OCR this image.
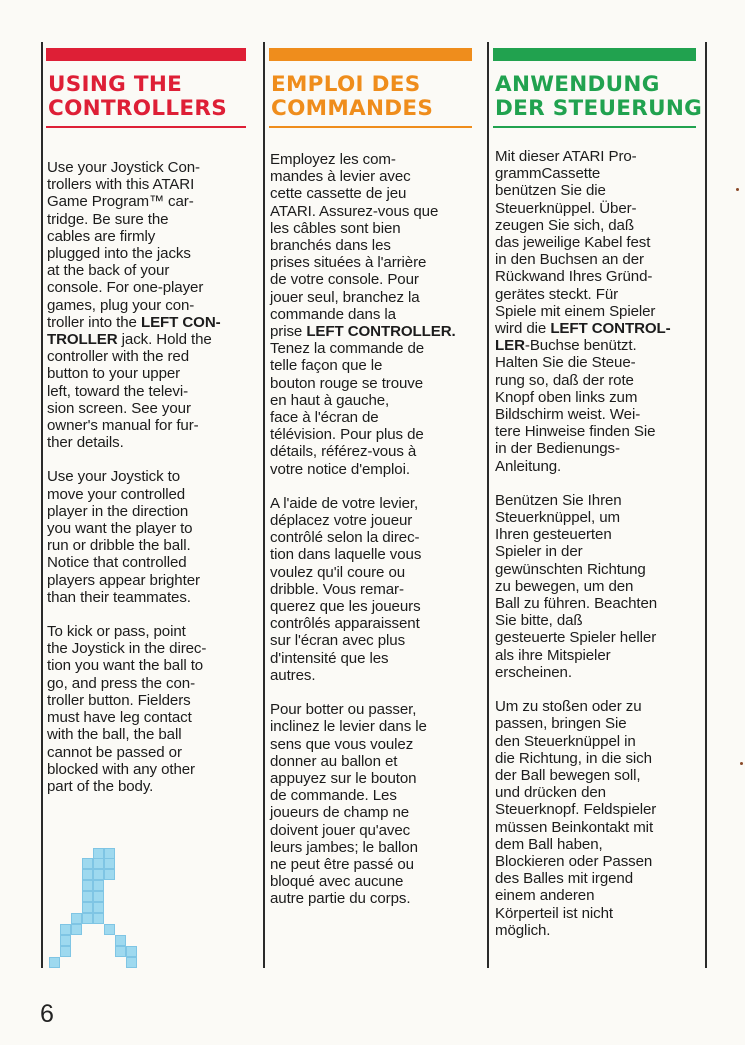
USING THE
CONTROLLERS

Use your Joystick Con-
trollers with this ATARI
Game Program™ car-
tridge. Be sure the
cables are firmly
plugged into the jacks
at the back of your
console. For one-player
games, plug your con-
troller into the LEFT CON-
TROLLER jack. Hold the
controller with the red
button to your upper
left, toward the televi-
sion screen. See your
owner's manual for fur-
ther details.

Use your Joystick to
move your controlled
player in the direction
you want the player to
run or dribble the ball.
Notice that controlled
players appear brighter
than their teammates.

To kick or pass, point
the Joystick in the direc-
tion you want the ball to
go, and press the con-
troller button. Fielders
must have leg contact
with the ball, the ball
cannot be passed or
blocked with any other
part of the body.

EMPLOI DES
COMMANDES

Employez les com-
mandes à levier avec
cette cassette de jeu
ATARI. Assurez-vous que
les câbles sont bien
branchés dans les
prises situées à l'arrière
de votre console. Pour
jouer seul, branchez la
commande dans la
prise LEFT CONTROLLER.
Tenez la commande de
telle façon que le
bouton rouge se trouve
en haut à gauche,
face à l'écran de
télévision. Pour plus de
détails, référez-vous à
votre notice d'emploi.

A l'aide de votre levier,
déplacez votre joueur
contrôlé selon la direc-
tion dans laquelle vous
voulez qu'il coure ou
dribble. Vous remar-
querez que les joueurs
contrôlés apparaissent
sur l'écran avec plus
d'intensité que les
autres.

Pour botter ou passer,
inclinez le levier dans le
sens que vous voulez
donner au ballon et
appuyez sur le bouton
de commande. Les
joueurs de champ ne
doivent jouer qu'avec
leurs jambes; le ballon
ne peut être passé ou
bloqué avec aucune
autre partie du corps.

ANWENDUNG
DER STEUERUNG

Mit dieser ATARI Pro-
grammCassette
benützen Sie die
Steuerknüppel. Über-
zeugen Sie sich, daß
das jeweilige Kabel fest
in den Buchsen an der
Rückwand Ihres Gründ-
gerätes steckt. Für
Spiele mit einem Spieler
wird die LEFT CONTROL-
LER-Buchse benützt.
Halten Sie die Steue-
rung so, daß der rote
Knopf oben links zum
Bildschirm weist. Wei-
tere Hinweise finden Sie
in der Bedienungs-
Anleitung.

Benützen Sie Ihren
Steuerknüppel, um
Ihren gesteuerten
Spieler in der
gewünschten Richtung
zu bewegen, um den
Ball zu führen. Beachten
Sie bitte, daß
gesteuerte Spieler heller
als ihre Mitspieler
erscheinen.

Um zu stoßen oder zu
passen, bringen Sie
den Steuerknüppel in
die Richtung, in die sich
der Ball bewegen soll,
und drücken den
Steuerknopf. Feldspieler
müssen Beinkontakt mit
dem Ball haben,
Blockieren oder Passen
des Balles mit irgend
einem anderen
Körperteil ist nicht
möglich.

6
